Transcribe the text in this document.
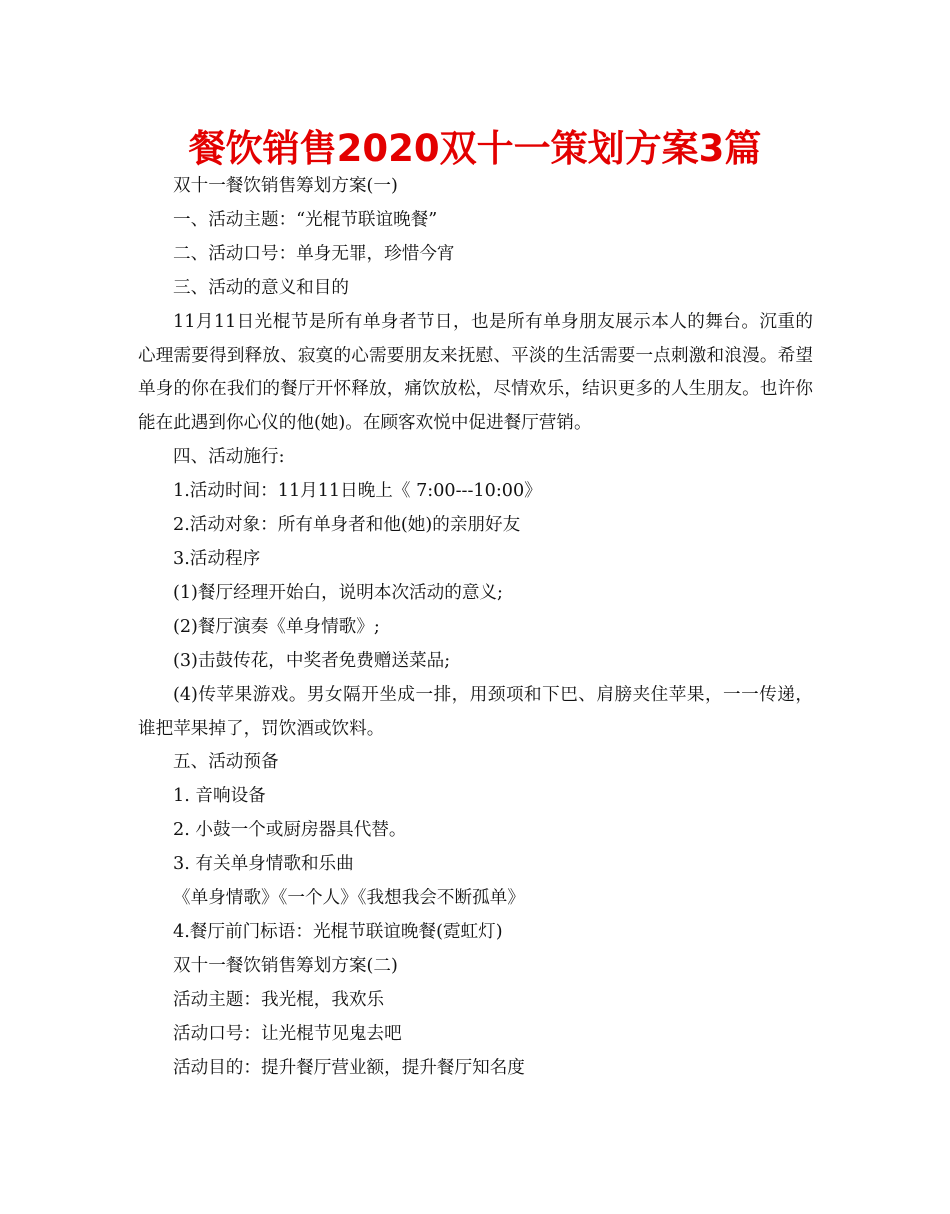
餐饮销售2020双十一策划方案3篇

双十一餐饮销售筹划方案(一)

一、活动主题：“光棍节联谊晚餐”

二、活动口号：单身无罪，珍惜今宵

三、活动的意义和目的

11月11日光棍节是所有单身者节日，也是所有单身朋友展示本人的舞台。沉重的心理需要得到释放、寂寞的心需要朋友来抚慰、平淡的生活需要一点刺激和浪漫。希望单身的你在我们的餐厅开怀释放，痛饮放松，尽情欢乐，结识更多的人生朋友。也许你能在此遇到你心仪的他(她)。在顾客欢悦中促进餐厅营销。

四、活动施行:

1.活动时间：11月11日晚上《 7:00---10:00》

2.活动对象：所有单身者和他(她)的亲朋好友

3.活动程序

(1)餐厅经理开始白，说明本次活动的意义;

(2)餐厅演奏《单身情歌》;

(3)击鼓传花，中奖者免费赠送菜品;

(4)传苹果游戏。男女隔开坐成一排，用颈项和下巴、肩膀夹住苹果，一一传递，谁把苹果掉了，罚饮酒或饮料。

五、活动预备

1. 音响设备

2. 小鼓一个或厨房器具代替。

3. 有关单身情歌和乐曲

《单身情歌》《一个人》《我想我会不断孤单》

4.餐厅前门标语：光棍节联谊晚餐(霓虹灯)

双十一餐饮销售筹划方案(二)

活动主题：我光棍，我欢乐

活动口号：让光棍节见鬼去吧

活动目的：提升餐厅营业额，提升餐厅知名度
